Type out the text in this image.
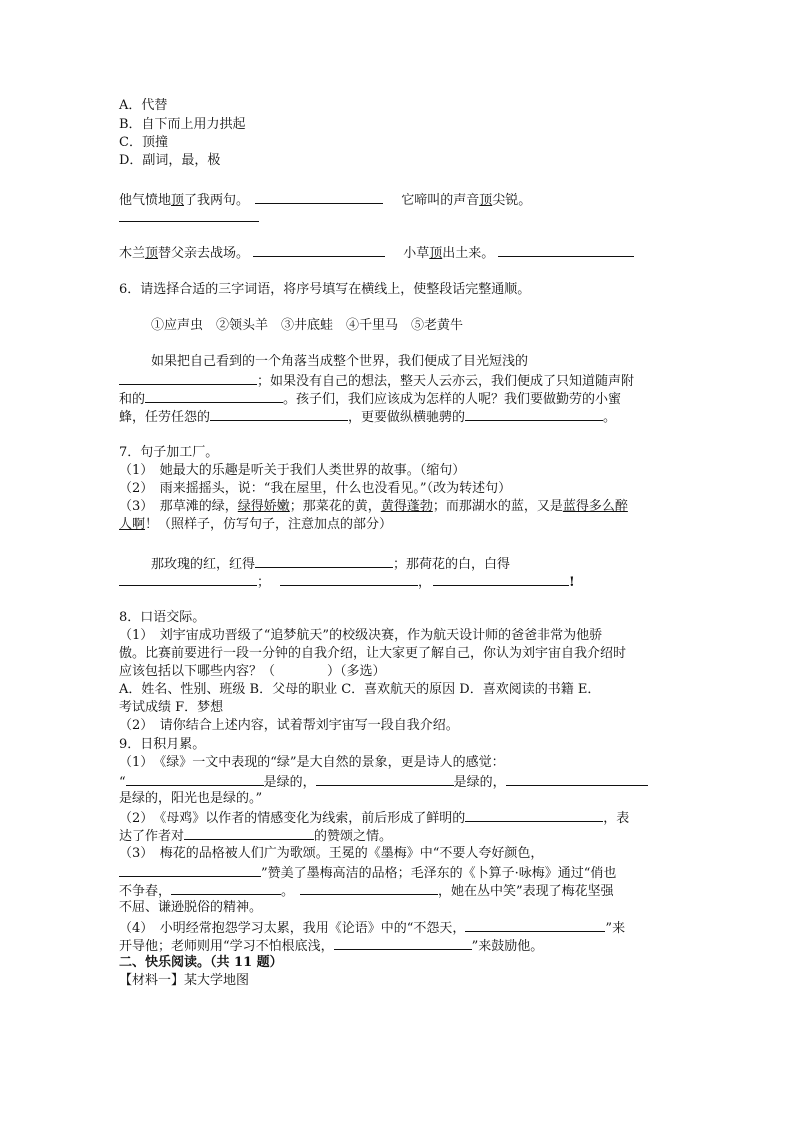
A．代替
B．自下而上用力拱起
C．顶撞
D．副词，最，极
他气愤地顶了我两句。	它啼叫的声音顶尖锐。
木兰顶替父亲去战场。	小草顶出土来。
6．请选择合适的三字词语，将序号填写在横线上，使整段话完整通顺。
①应声虫　②领头羊　③井底蛙　④千里马　⑤老黄牛
如果把自己看到的一个角落当成整个世界，我们便成了目光短浅的
；如果没有自己的想法，整天人云亦云，我们便成了只知道随声附
和的	。孩子们，我们应该成为怎样的人呢？我们要做勤劳的小蜜
蜂，任劳任怨的	，更要做纵横驰骋的	。
7．句子加工厂。
（1）　她最大的乐趣是听关于我们人类世界的故事。（缩句）
（2）　雨来摇摇头，说：“我在屋里，什么也没看见。”（改为转述句）
（3）　那草滩的绿，绿得娇嫩；那菜花的黄，黄得蓬勃；而那湖水的蓝，又是蓝得多么醉
人啊！（照样子，仿写句子，注意加点的部分）
那玫瑰的红，红得	；那荷花的白，白得
；	，	!
8．口语交际。
（1）　刘宇宙成功晋级了“追梦航天”的校级决赛，作为航天设计师的爸爸非常为他骄
傲。比赛前要进行一段一分钟的自我介绍，让大家更了解自己，你认为刘宇宙自我介绍时
应该包括以下哪些内容？（　　　　）（多选）
A．姓名、性别、班级 B．父母的职业 C．喜欢航天的原因 D．喜欢阅读的书籍 E．
考试成绩 F．梦想
（2）　请你结合上述内容，试着帮刘宇宙写一段自我介绍。
9．日积月累。
（1）　《绿》一文中表现的“绿”是大自然的景象，更是诗人的感觉：
“	是绿的，	是绿的，
是绿的，阳光也是绿的。”
（2）　《母鸡》以作者的情感变化为线索，前后形成了鲜明的	，表
达了作者对	的赞颂之情。
（3）　梅花的品格被人们广为歌颂。王冕的《墨梅》中“不要人夸好颜色，
”赞美了墨梅高洁的品格；毛泽东的《卜算子·咏梅》通过“俏也
不争春，	。	，她在丛中笑”表现了梅花坚强
不屈、谦逊脱俗的精神。
（4）　小明经常抱怨学习太累，我用《论语》中的“不怨天，	”来
开导他；老师则用“学习不怕根底浅，	”来鼓励他。
二、快乐阅读。（共 11 题）
【材料一】某大学地图
